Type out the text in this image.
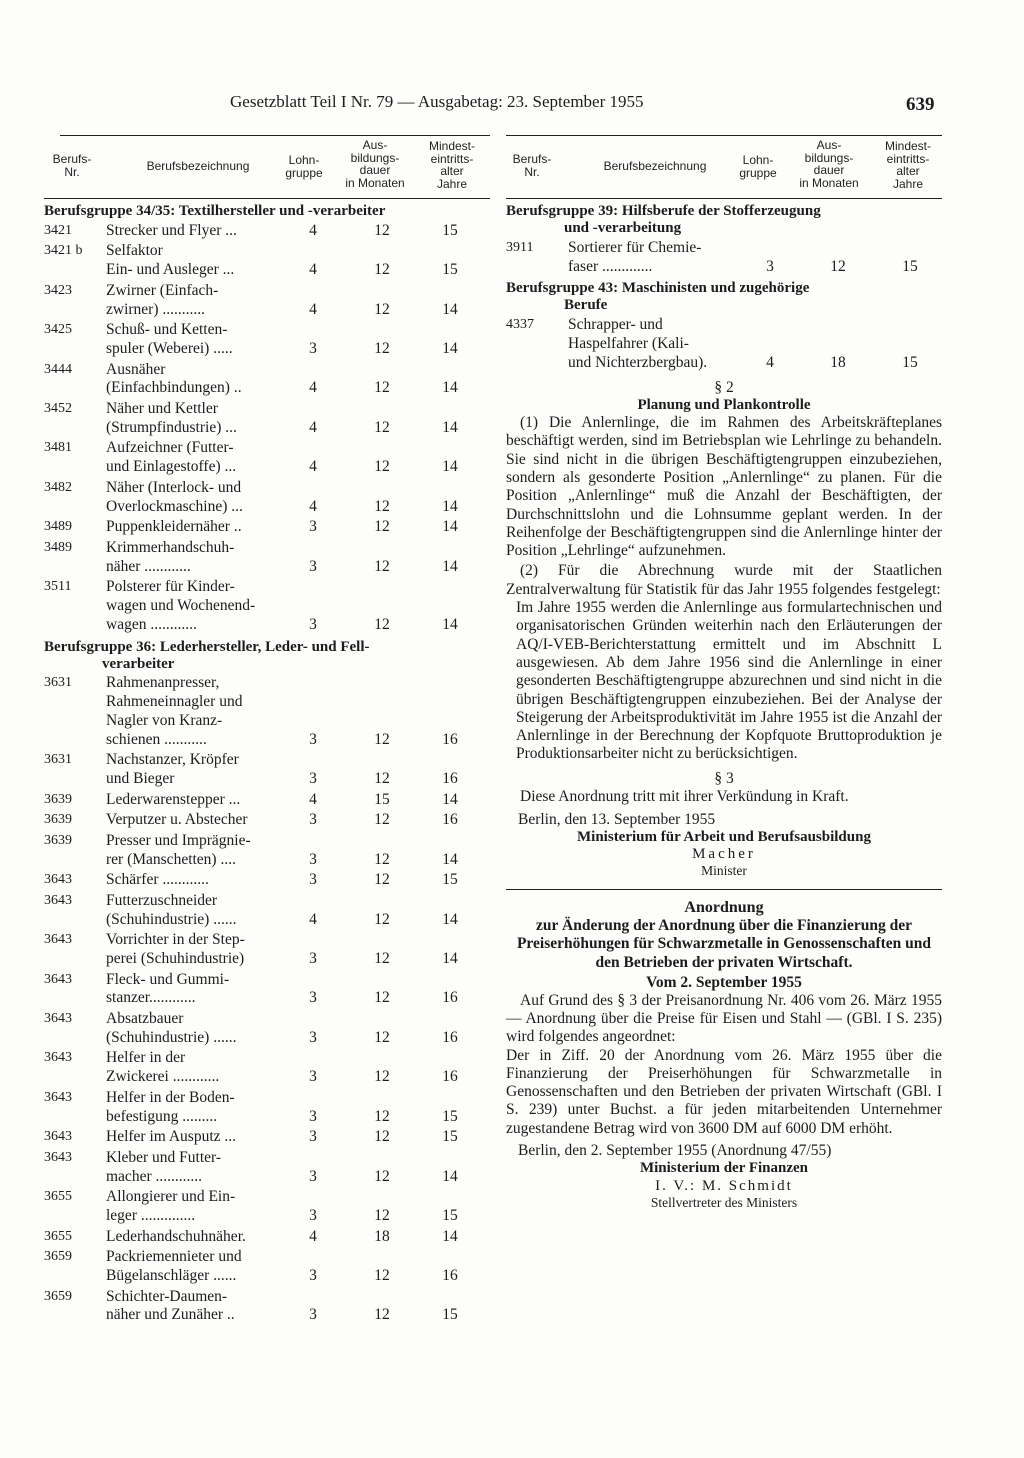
Gesetzblatt Teil I Nr. 79 — Ausgabetag: 23. September 1955	639
Berufs-
Nr.	Berufsbezeichnung	Lohn-
gruppe
Aus-
bildungs-
dauer
in Monaten
Mindest-
eintritts-
alter
Jahre
Berufsgruppe 34/35: Textilhersteller und -verarbeiter
3421 Strecker und Flyer ...	4	12	15
3421 b Selfaktor
Ein- und Ausleger ...	4	12	15
3423 Zwirner (Einfach-
zwirner) ...........	4	12	14
3425 Schuß- und Ketten-
spuler (Weberei) .....	3	12	14
3444 Ausnäher
(Einfachbindungen) ..	4	12	14
3452 Näher und Kettler
(Strumpfindustrie) ...	4	12	14
3481 Aufzeichner (Futter-
und Einlagestoffe) ...	4	12	14
3482 Näher (Interlock- und
Overlockmaschine) ...	4	12	14
3489 Puppenkleidernäher ..	3	12	14
3489 Krimmerhandschuh-
näher ............	3	12	14
3511 Polsterer für Kinder-
wagen und Wochenend-
wagen ............	3	12	14
Berufsgruppe 36: Lederhersteller, Leder- und Fell-
verarbeiter
3631 Rahmenanpresser,
Rahmeneinnagler und
Nagler von Kranz-
schienen ...........	3	12	16
3631 Nachstanzer, Kröpfer
und Bieger	3	12	16
3639 Lederwarenstepper ...	4	15	14
3639 Verputzer u. Abstecher	3	12	16
3639 Presser und Imprägnie-
rer (Manschetten) ....	3	12	14
3643 Schärfer ............	3	12	15
3643 Futterzuschneider
(Schuhindustrie) ......	4	12	14
3643 Vorrichter in der Step-
perei (Schuhindustrie)	3	12	14
3643 Fleck- und Gummi-
stanzer............	3	12	16
3643 Absatzbauer
(Schuhindustrie) ......	3	12	16
3643 Helfer in der
Zwickerei ............	3	12	16
3643 Helfer in der Boden-
befestigung .........	3	12	15
3643 Helfer im Ausputz ...	3	12	15
3643 Kleber und Futter-
macher ............	3	12	14
3655 Allongierer und Ein-
leger ..............	3	12	15
3655 Lederhandschuhnäher.	4	18	14
3659 Packriemennieter und
Bügelanschläger ......	3	12	16
3659 Schichter-Daumen-
näher und Zunäher ..	3	12	15
Berufs-
Nr.	Berufsbezeichnung	Lohn-
gruppe
Aus-
bildungs-
dauer
in Monaten
Mindest-
eintritts-
alter
Jahre
Berufsgruppe 39: Hilfsberufe der Stofferzeugung
und -verarbeitung
3911 Sortierer für Chemie-
faser .............	3	12	15
Berufsgruppe 43: Maschinisten und zugehörige
Berufe
4337 Schrapper- und
Haspelfahrer (Kali-
und Nichterzbergbau).	4	18	15
§ 2
Planung und Plankontrolle

(1) Die Anlernlinge, die im Rahmen des Arbeitskräfteplanes beschäftigt werden, sind im Betriebsplan wie Lehrlinge zu behandeln. Sie sind nicht in die übrigen Beschäftigtengruppen einzubeziehen, sondern als gesonderte Position „Anlernlinge“ zu planen. Für die Position „Anlernlinge“ muß die Anzahl der Beschäftigten, der Durchschnittslohn und die Lohnsumme geplant werden. In der Reihenfolge der Beschäftigtengruppen sind die Anlernlinge hinter der Position „Lehrlinge“ aufzunehmen.

(2) Für die Abrechnung wurde mit der Staatlichen Zentralverwaltung für Statistik für das Jahr 1955 folgendes festgelegt:

Im Jahre 1955 werden die Anlernlinge aus formulartechnischen und organisatorischen Gründen weiterhin nach den Erläuterungen der AQ/I-VEB-Berichterstattung ermittelt und im Abschnitt L ausgewiesen. Ab dem Jahre 1956 sind die Anlernlinge in einer gesonderten Beschäftigtengruppe abzurechnen und sind nicht in die übrigen Beschäftigtengruppen einzubeziehen. Bei der Analyse der Steigerung der Arbeitsproduktivität im Jahre 1955 ist die Anzahl der Anlernlinge in der Berechnung der Kopfquote Bruttoproduktion je Produktionsarbeiter nicht zu berücksichtigen.

§ 3

Diese Anordnung tritt mit ihrer Verkündung in Kraft.

Berlin, den 13. September 1955
Ministerium für Arbeit und Berufsausbildung
Macher
Minister
Anordnung
zur Änderung der Anordnung über die Finanzierung der Preiserhöhungen für Schwarzmetalle in Genossenschaften und den Betrieben der privaten Wirtschaft.
Vom 2. September 1955

Auf Grund des § 3 der Preisanordnung Nr. 406 vom 26. März 1955 — Anordnung über die Preise für Eisen und Stahl — (GBl. I S. 235) wird folgendes angeordnet:

Der in Ziff. 20 der Anordnung vom 26. März 1955 über die Finanzierung der Preiserhöhungen für Schwarzmetalle in Genossenschaften und den Betrieben der privaten Wirtschaft (GBl. I S. 239) unter Buchst. a für jeden mitarbeitenden Unternehmer zugestandene Betrag wird von 3600 DM auf 6000 DM erhöht.

Berlin, den 2. September 1955 (Anordnung 47/55)
Ministerium der Finanzen
I. V.: M. Schmidt
Stellvertreter des Ministers
